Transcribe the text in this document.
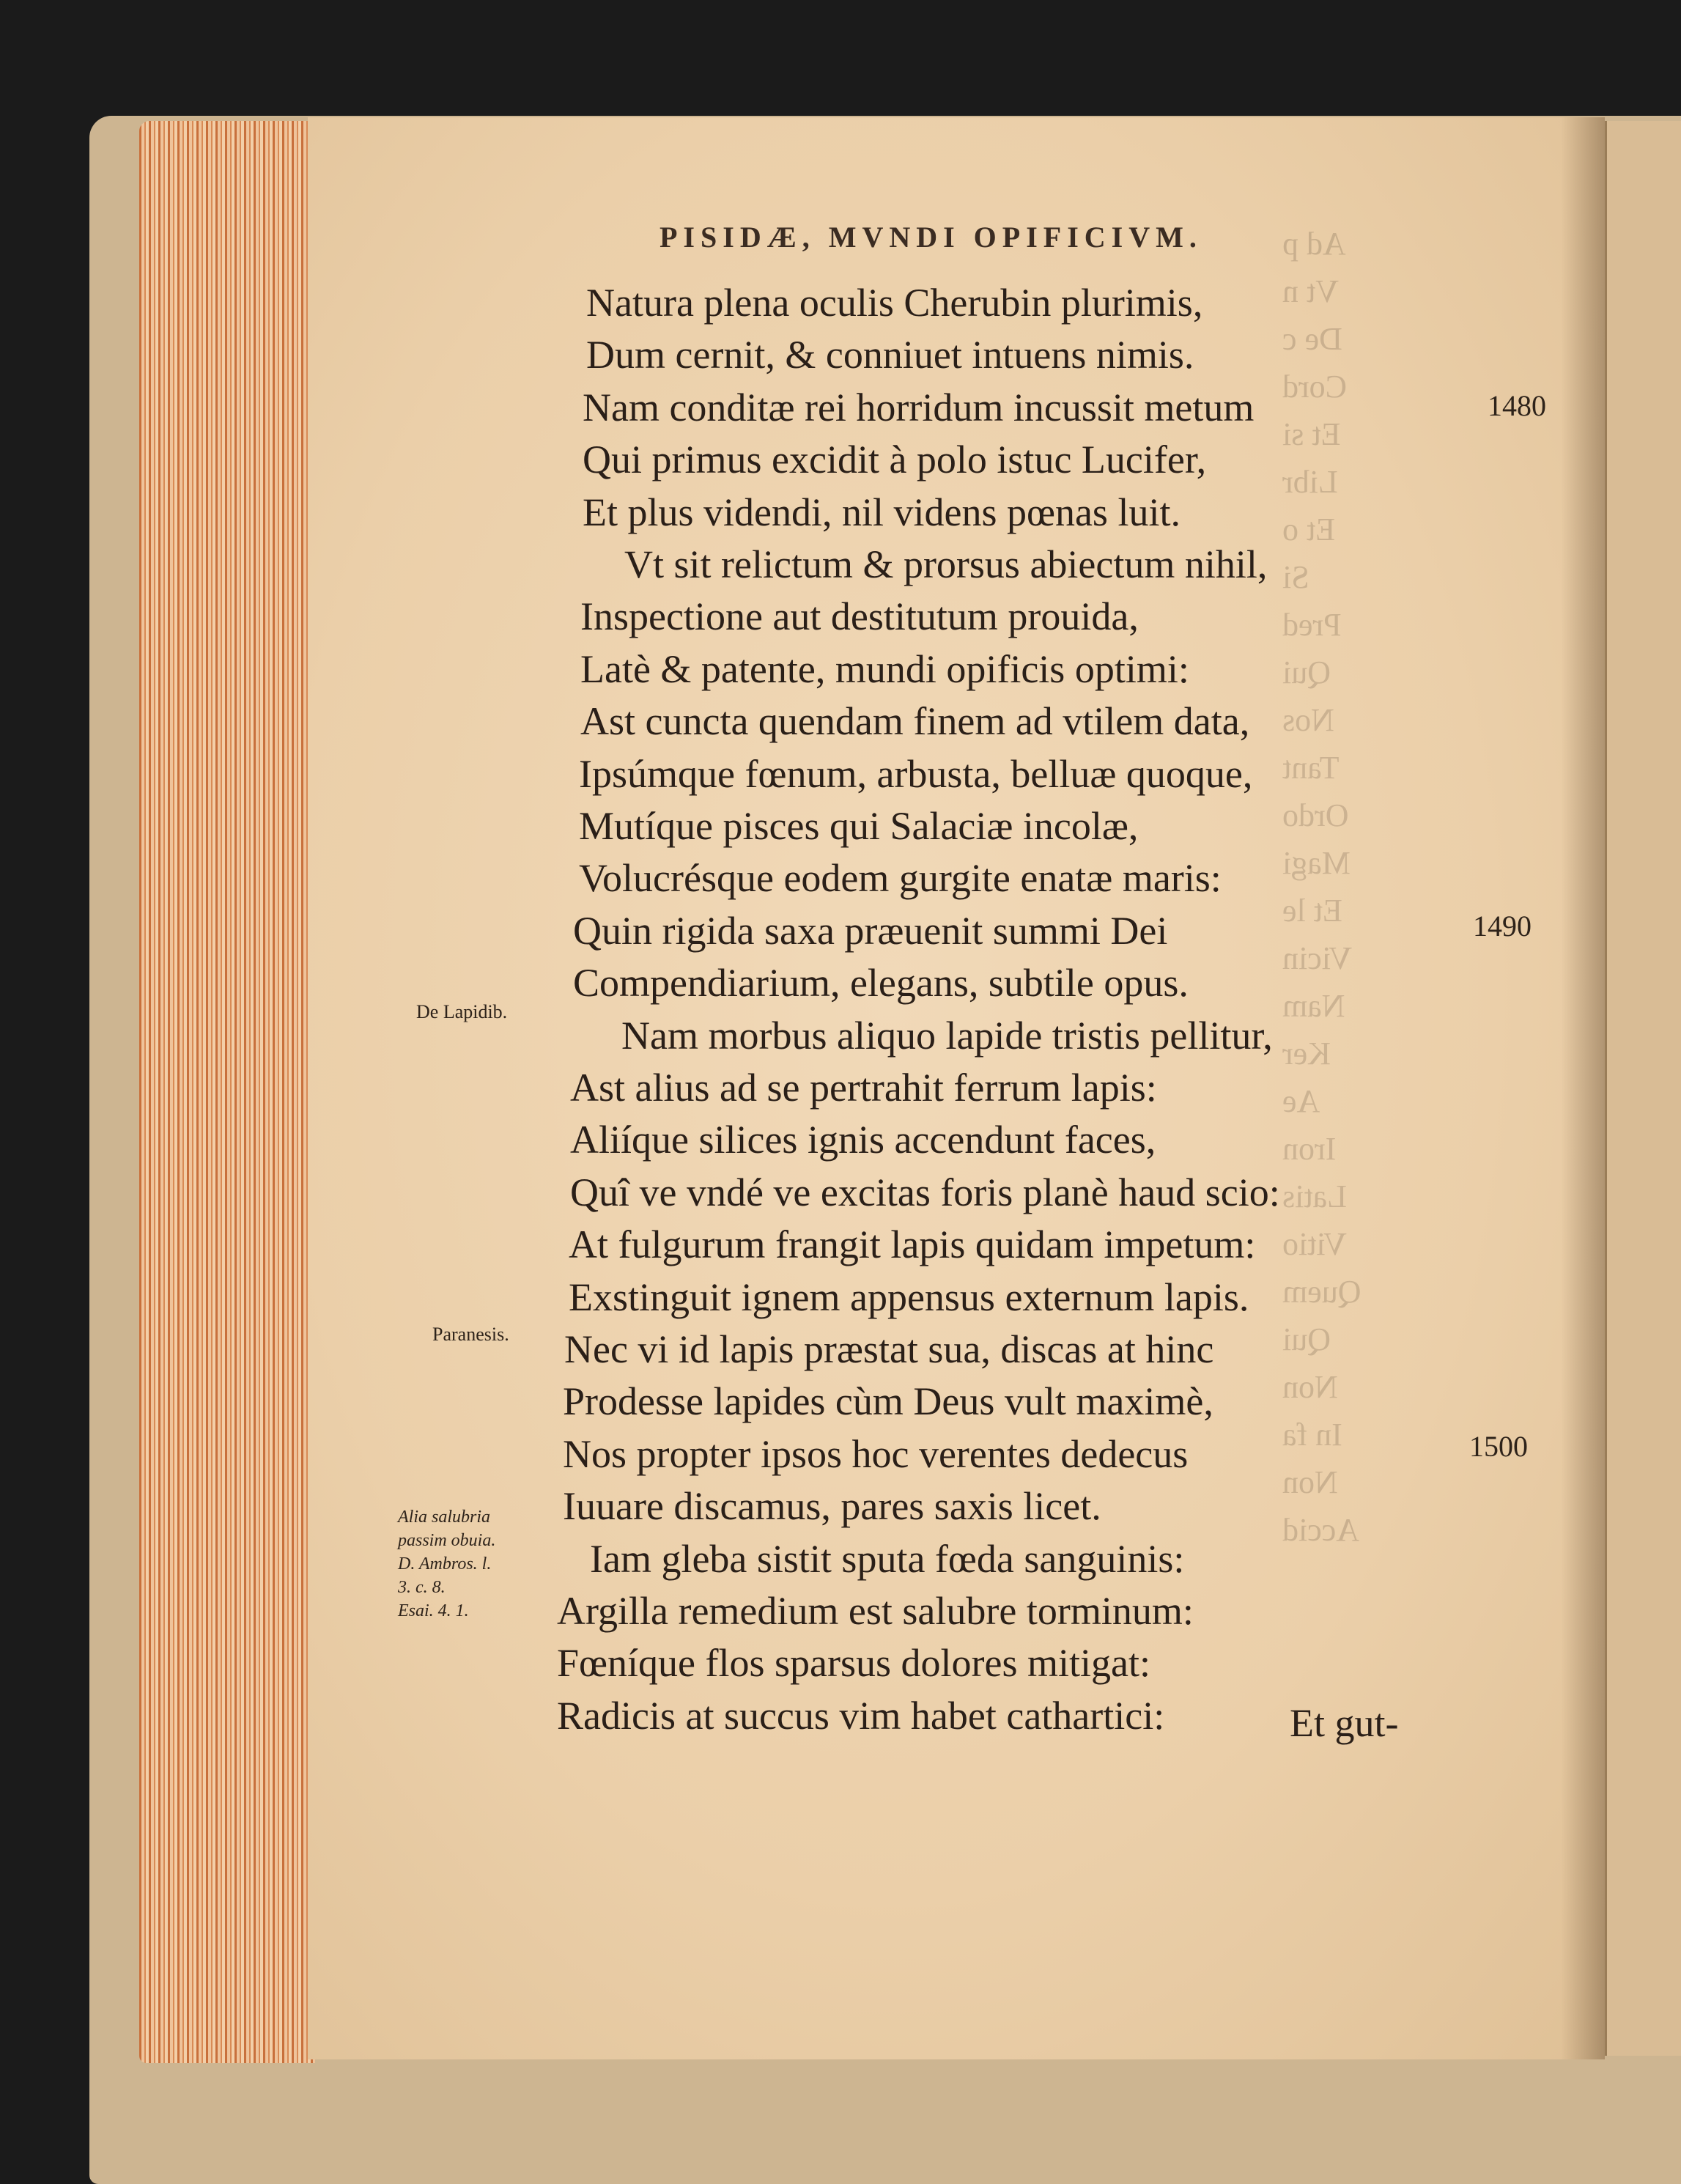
Ad p
Vt n
De c
Cord
Et si
Libr
Et o
Si
Pred
Qui
Nos
Tant
Ordo
Magi
Et le
Vicin
Nam
Ker
Ae
Iron
Latis
Vitio
Quem
Qui
Non
In fa
Non
Accid
PISIDÆ, MVNDI OPIFICIVM.
Natura plena oculis Cherubin plurimis,
Dum cernit, & conniuet intuens nimis.
Nam conditæ rei horridum incussit metum
Qui primus excidit à polo istuc Lucifer,
Et plus videndi, nil videns pœnas luit.
Vt sit relictum & prorsus abiectum nihil,
Inspectione aut destitutum prouida,
Latè & patente, mundi opificis optimi:
Ast cuncta quendam finem ad vtilem data,
Ipsúmque fœnum, arbusta, belluæ quoque,
Mutíque pisces qui Salaciæ incolæ,
Volucrésque eodem gurgite enatæ maris:
Quin rigida saxa præuenit summi Dei
Compendiarium, elegans, subtile opus.
Nam morbus aliquo lapide tristis pellitur,
Ast alius ad se pertrahit ferrum lapis:
Aliíque silices ignis accendunt faces,
Quî ve vndé ve excitas foris planè haud scio:
At fulgurum frangit lapis quidam impetum:
Exstinguit ignem appensus externum lapis.
Nec vi id lapis præstat sua, discas at hinc
Prodesse lapides cùm Deus vult maximè,
Nos propter ipsos hoc verentes dedecus
Iuuare discamus, pares saxis licet.
Iam gleba sistit sputa fœda sanguinis:
Argilla remedium est salubre torminum:
Fœníque flos sparsus dolores mitigat:
Radicis at succus vim habet cathartici:
1480
1490
1500
De Lapidib.
Paranesis.
Alia salubria
passim obuia.
D. Ambros. l.
3. c. 8.
Esai. 4. 1.
Et gut-
